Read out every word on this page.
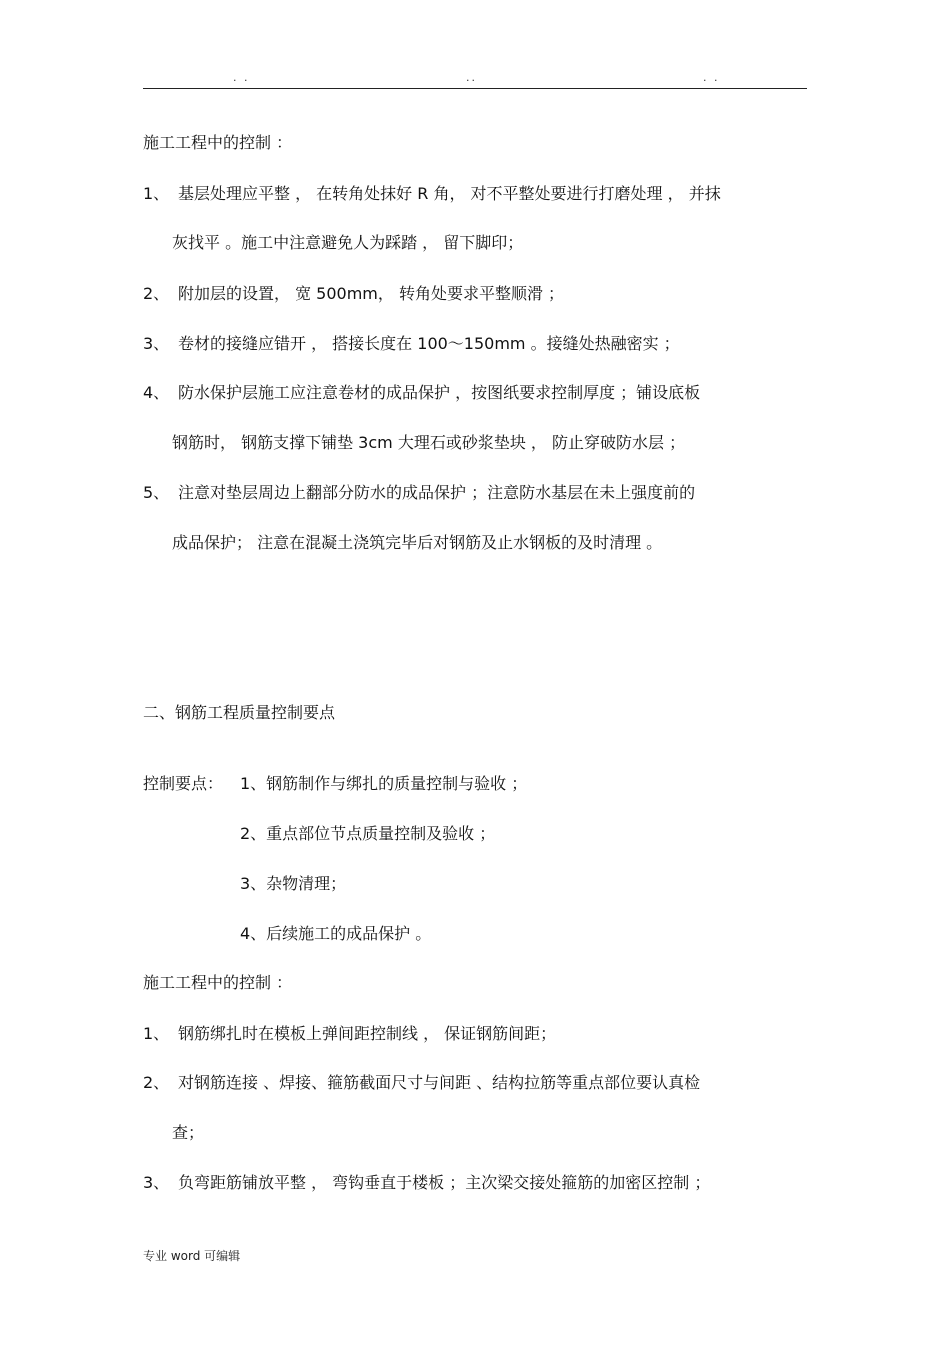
. .	..	. .
施工工程中的控制 ：
1、 基层处理应平整 ， 在转角处抹好 R 角， 对不平整处要进行打磨处理 ， 并抹
灰找平 。施工中注意避免人为踩踏 ， 留下脚印；
2、 附加层的设置， 宽 500mm， 转角处要求平整顺滑 ；
3、 卷材的接缝应错开 ， 搭接长度在 100～150mm 。接缝处热融密实 ；
4、 防水保护层施工应注意卷材的成品保护 ，按图纸要求控制厚度 ；铺设底板
钢筋时， 钢筋支撑下铺垫 3cm 大理石或砂浆垫块 ， 防止穿破防水层 ；
5、 注意对垫层周边上翻部分防水的成品保护 ；注意防水基层在未上强度前的
成品保护； 注意在混凝土浇筑完毕后对钢筋及止水钢板的及时清理 。
二、钢筋工程质量控制要点
控制要点： 1、钢筋制作与绑扎的质量控制与验收 ；
2、重点部位节点质量控制及验收 ；
3、杂物清理；
4、后续施工的成品保护 。
施工工程中的控制 ：
1、 钢筋绑扎时在模板上弹间距控制线 ， 保证钢筋间距；
2、 对钢筋连接 、焊接、箍筋截面尺寸与间距 、结构拉筋等重点部位要认真检
查；
3、 负弯距筋铺放平整 ， 弯钩垂直于楼板 ；主次梁交接处箍筋的加密区控制 ；
专业 word 可编辑
